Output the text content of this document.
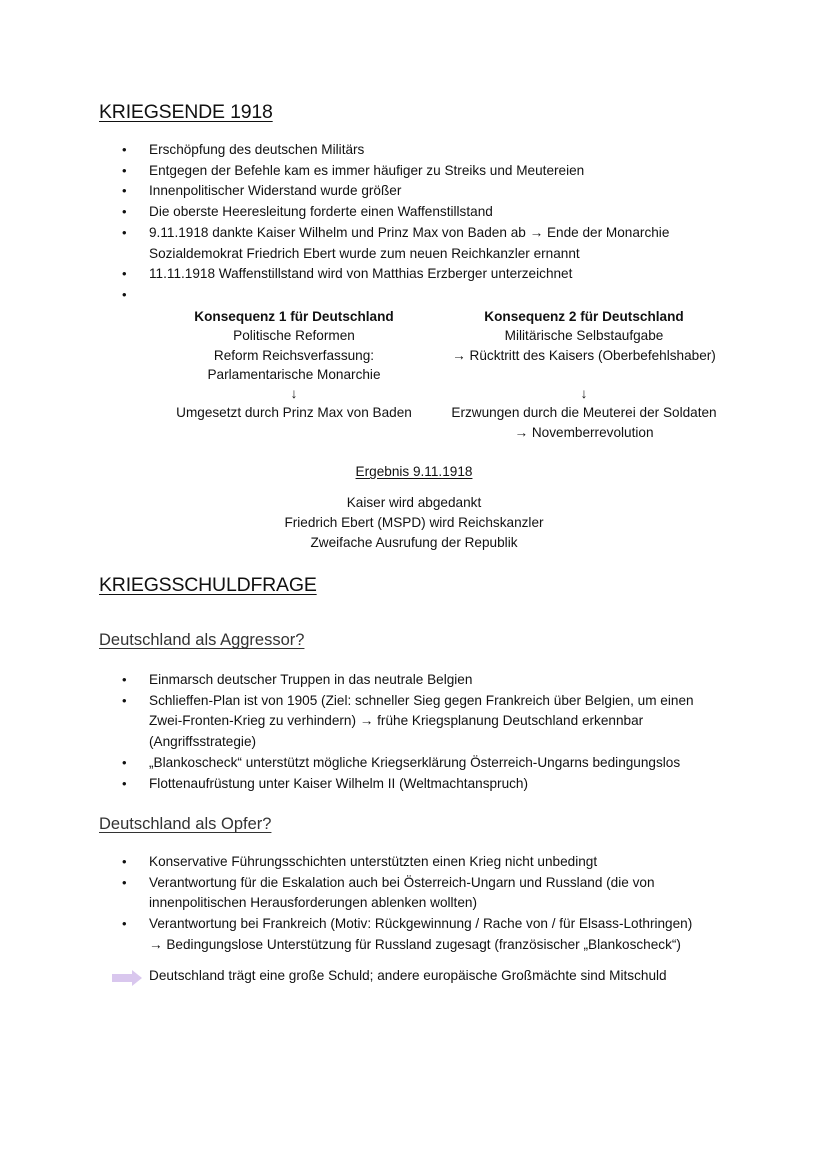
KRIEGSENDE 1918
• Erschöpfung des deutschen Militärs
• Entgegen der Befehle kam es immer häufiger zu Streiks und Meutereien
• Innenpolitischer Widerstand wurde größer
• Die oberste Heeresleitung forderte einen Waffenstillstand
• 9.11.1918 dankte Kaiser Wilhelm und Prinz Max von Baden ab → Ende der Monarchie
Sozialdemokrat Friedrich Ebert wurde zum neuen Reichkanzler ernannt
• 11.11.1918 Waffenstillstand wird von Matthias Erzberger unterzeichnet
•
Konsequenz 1 für Deutschland
Politische Reformen
Reform Reichsverfassung:
Parlamentarische Monarchie
↓
Umgesetzt durch Prinz Max von Baden
Konsequenz 2 für Deutschland
Militärische Selbstaufgabe
→ Rücktritt des Kaisers (Oberbefehlshaber)
↓
Erzwungen durch die Meuterei der Soldaten
→ Novemberrevolution
Ergebnis 9.11.1918
Kaiser wird abgedankt
Friedrich Ebert (MSPD) wird Reichskanzler
Zweifache Ausrufung der Republik
KRIEGSSCHULDFRAGE
Deutschland als Aggressor?
• Einmarsch deutscher Truppen in das neutrale Belgien
• Schlieffen-Plan ist von 1905 (Ziel: schneller Sieg gegen Frankreich über Belgien, um einen
Zwei-Fronten-Krieg zu verhindern) → frühe Kriegsplanung Deutschland erkennbar
(Angriffsstrategie)
• „Blankoscheck“ unterstützt mögliche Kriegserklärung Österreich-Ungarns bedingungslos
• Flottenaufrüstung unter Kaiser Wilhelm II (Weltmachtanspruch)
Deutschland als Opfer?
• Konservative Führungsschichten unterstützten einen Krieg nicht unbedingt
• Verantwortung für die Eskalation auch bei Österreich-Ungarn und Russland (die von
innenpolitischen Herausforderungen ablenken wollten)
• Verantwortung bei Frankreich (Motiv: Rückgewinnung / Rache von / für Elsass-Lothringen)
→ Bedingungslose Unterstützung für Russland zugesagt (französischer „Blankoscheck“)
Deutschland trägt eine große Schuld; andere europäische Großmächte sind Mitschuld
